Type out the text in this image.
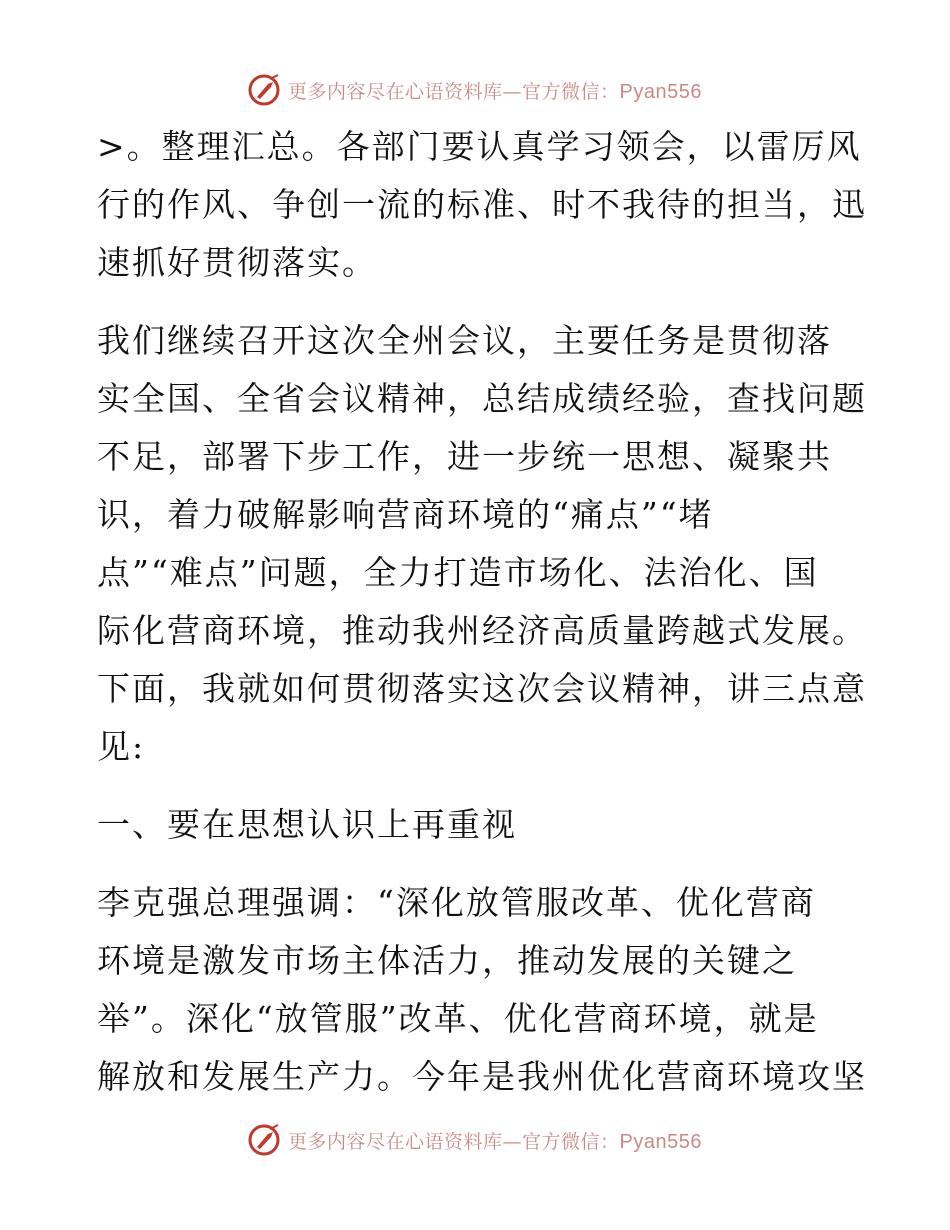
更多内容尽在心语资料库—官方微信：Pyan556
>。整理汇总。各部门要认真学习领会，以雷厉风
行的作风、争创一流的标准、时不我待的担当，迅
速抓好贯彻落实。
我们继续召开这次全州会议，主要任务是贯彻落
实全国、全省会议精神，总结成绩经验，查找问题
不足，部署下步工作，进一步统一思想、凝聚共
识，着力破解影响营商环境的“痛点”“堵
点”“难点”问题，全力打造市场化、法治化、国
际化营商环境，推动我州经济高质量跨越式发展。
下面，我就如何贯彻落实这次会议精神，讲三点意
见:
一、要在思想认识上再重视
李克强总理强调：“深化放管服改革、优化营商
环境是激发市场主体活力，推动发展的关键之
举”。深化“放管服”改革、优化营商环境，就是
解放和发展生产力。今年是我州优化营商环境攻坚
更多内容尽在心语资料库—官方微信：Pyan556
